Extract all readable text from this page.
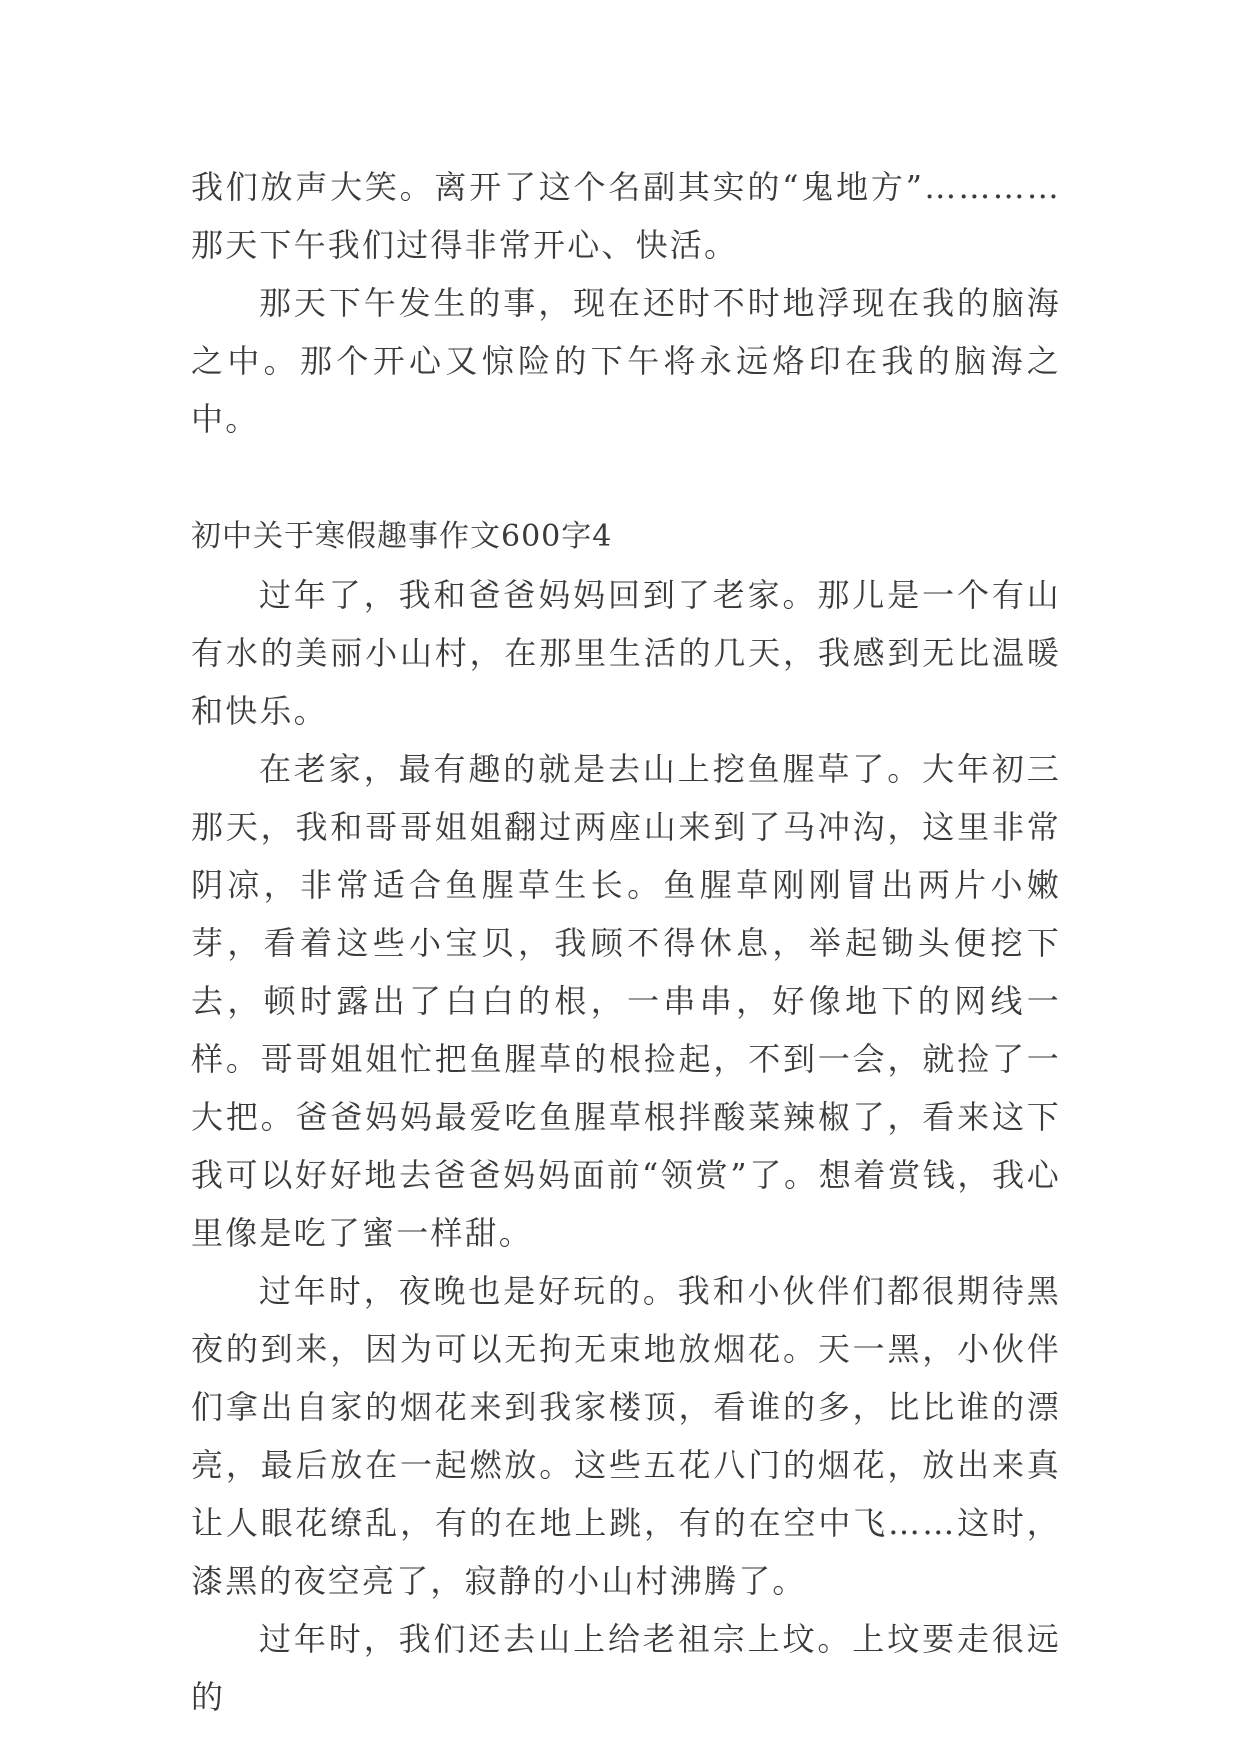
我们放声大笑。离开了这个名副其实的“鬼地方”…………那天下午我们过得非常开心、快活。

那天下午发生的事，现在还时不时地浮现在我的脑海之中。那个开心又惊险的下午将永远烙印在我的脑海之中。

初中关于寒假趣事作文600字4

过年了，我和爸爸妈妈回到了老家。那儿是一个有山有水的美丽小山村，在那里生活的几天，我感到无比温暖和快乐。

在老家，最有趣的就是去山上挖鱼腥草了。大年初三那天，我和哥哥姐姐翻过两座山来到了马冲沟，这里非常阴凉，非常适合鱼腥草生长。鱼腥草刚刚冒出两片小嫩芽，看着这些小宝贝，我顾不得休息，举起锄头便挖下去，顿时露出了白白的根，一串串，好像地下的网线一样。哥哥姐姐忙把鱼腥草的根捡起，不到一会，就捡了一大把。爸爸妈妈最爱吃鱼腥草根拌酸菜辣椒了，看来这下我可以好好地去爸爸妈妈面前“领赏”了。想着赏钱，我心里像是吃了蜜一样甜。

过年时，夜晚也是好玩的。我和小伙伴们都很期待黑夜的到来，因为可以无拘无束地放烟花。天一黑，小伙伴们拿出自家的烟花来到我家楼顶，看谁的多，比比谁的漂亮，最后放在一起燃放。这些五花八门的烟花，放出来真让人眼花缭乱，有的在地上跳，有的在空中飞……这时，漆黑的夜空亮了，寂静的小山村沸腾了。

过年时，我们还去山上给老祖宗上坟。上坟要走很远的
